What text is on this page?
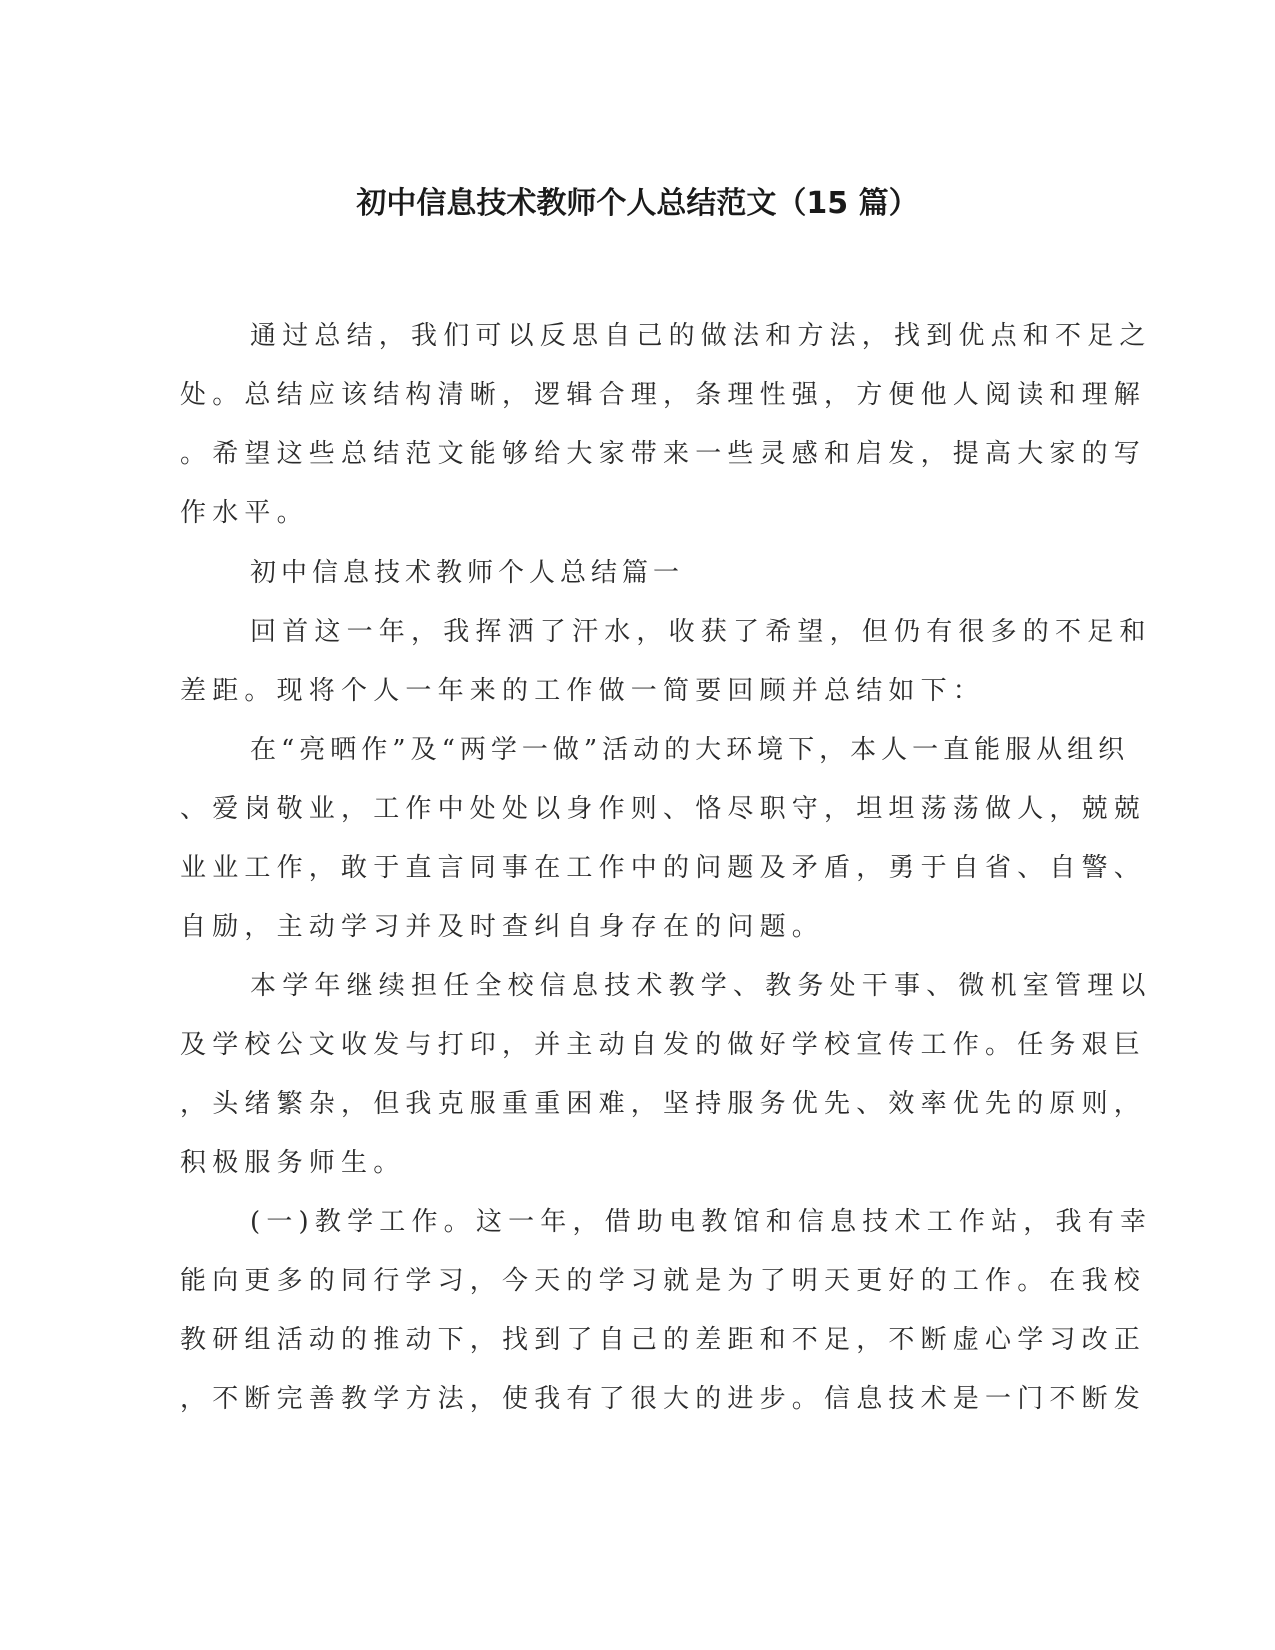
初中信息技术教师个人总结范文（15 篇）

通过总结，我们可以反思自己的做法和方法，找到优点和不足之

处。总结应该结构清晰，逻辑合理，条理性强，方便他人阅读和理解

。希望这些总结范文能够给大家带来一些灵感和启发，提高大家的写

作水平。

初中信息技术教师个人总结篇一

回首这一年，我挥洒了汗水，收获了希望，但仍有很多的不足和

差距。现将个人一年来的工作做一简要回顾并总结如下：

在“亮晒作”及“两学一做”活动的大环境下，本人一直能服从组织

、爱岗敬业，工作中处处以身作则、恪尽职守，坦坦荡荡做人，兢兢

业业工作，敢于直言同事在工作中的问题及矛盾，勇于自省、自警、

自励，主动学习并及时查纠自身存在的问题。

本学年继续担任全校信息技术教学、教务处干事、微机室管理以

及学校公文收发与打印，并主动自发的做好学校宣传工作。任务艰巨

，头绪繁杂，但我克服重重困难，坚持服务优先、效率优先的原则，

积极服务师生。

(一)教学工作。这一年，借助电教馆和信息技术工作站，我有幸

能向更多的同行学习，今天的学习就是为了明天更好的工作。在我校

教研组活动的推动下，找到了自己的差距和不足，不断虚心学习改正

，不断完善教学方法，使我有了很大的进步。信息技术是一门不断发
